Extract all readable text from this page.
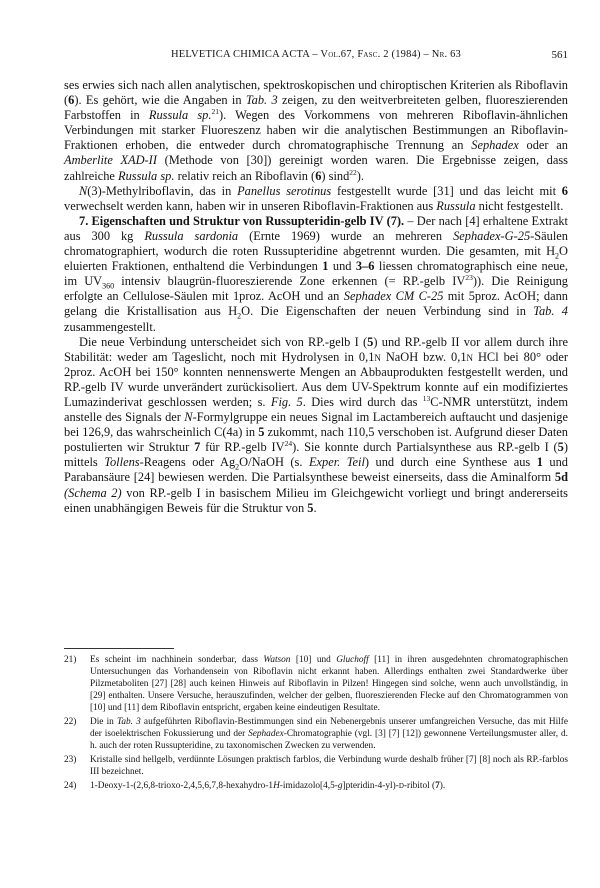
HELVETICA CHIMICA ACTA – Vol.67, Fasc. 2 (1984) – Nr. 63	561

ses erwies sich nach allen analytischen, spektroskopischen und chiroptischen Kriterien als Riboflavin (6). Es gehört, wie die Angaben in Tab. 3 zeigen, zu den weitverbreiteten gelben, fluoreszierenden Farbstoffen in Russula sp.$^{21}$). Wegen des Vorkommens von mehreren Riboflavin-ähnlichen Verbindungen mit starker Fluoreszenz haben wir die analytischen Bestimmungen an Riboflavin-Fraktionen erhoben, die entweder durch chromatographische Trennung an Sephadex oder an Amberlite XAD-II (Methode von [30]) gereinigt worden waren. Die Ergebnisse zeigen, dass zahlreiche Russula sp. relativ reich an Riboflavin (6) sind$^{22}$).

N(3)-Methylriboflavin, das in Panellus serotinus festgestellt wurde [31] und das leicht mit 6 verwechselt werden kann, haben wir in unseren Riboflavin-Fraktionen aus Russula nicht festgestellt.

7. Eigenschaften und Struktur von Russupteridin-gelb IV (7). – Der nach [4] erhaltene Extrakt aus 300 kg Russula sardonia (Ernte 1969) wurde an mehreren Sephadex-G-25-Säulen chromatographiert, wodurch die roten Russupteridine abgetrennt wurden. Die gesamten, mit $H_2O$ eluierten Fraktionen, enthaltend die Verbindungen 1 und 3–6 liessen chromatographisch eine neue, im $UV_{360}$ intensiv blaugrün-fluoreszierende Zone erkennen (= RP.-gelb IV$^{23}$)). Die Reinigung erfolgte an Cellulose-Säulen mit 1proz. AcOH und an Sephadex CM C-25 mit 5proz. AcOH; dann gelang die Kristallisation aus $H_2O$. Die Eigenschaften der neuen Verbindung sind in Tab. 4 zusammengestellt.

Die neue Verbindung unterscheidet sich von RP.-gelb I (5) und RP.-gelb II vor allem durch ihre Stabilität: weder am Tageslicht, noch mit Hydrolysen in 0,1n NaOH bzw. 0,1n HCl bei 80° oder 2proz. AcOH bei 150° konnten nennenswerte Mengen an Abbauprodukten festgestellt werden, und RP.-gelb IV wurde unverändert zurückisoliert. Aus dem UV-Spektrum konnte auf ein modifiziertes Lumazinderivat geschlossen werden; s. Fig. 5. Dies wird durch das $^{13}$C-NMR unterstützt, indem anstelle des Signals der N-Formylgruppe ein neues Signal im Lactambereich auftaucht und dasjenige bei 126,9, das wahrscheinlich C(4a) in 5 zukommt, nach 110,5 verschoben ist. Aufgrund dieser Daten postulierten wir Struktur 7 für RP.-gelb IV$^{24}$). Sie konnte durch Partialsynthese aus RP.-gelb I (5) mittels Tollens-Reagens oder $Ag_2O$/NaOH (s. Exper. Teil) und durch eine Synthese aus 1 und Parabansäure [24] bewiesen werden. Die Partialsynthese beweist einerseits, dass die Aminalform 5d (Schema 2) von RP.-gelb I in basischem Milieu im Gleichgewicht vorliegt und bringt andererseits einen unabhängigen Beweis für die Struktur von 5.

21) Es scheint im nachhinein sonderbar, dass Watson [10] und Gluchoff [11] in ihren ausgedehnten chromatographischen Untersuchungen das Vorhandensein von Riboflavin nicht erkannt haben. Allerdings enthalten zwei Standardwerke über Pilzmetaboliten [27] [28] auch keinen Hinweis auf Riboflavin in Pilzen! Hingegen sind solche, wenn auch unvollständig, in [29] enthalten. Unsere Versuche, herauszufinden, welcher der gelben, fluoreszierenden Flecke auf den Chromatogrammen von [10] und [11] dem Riboflavin entspricht, ergaben keine eindeutigen Resultate.
22) Die in Tab. 3 aufgeführten Riboflavin-Bestimmungen sind ein Nebenergebnis unserer umfangreichen Versuche, das mit Hilfe der isoelektrischen Fokussierung und der Sephadex-Chromatographie (vgl. [3] [7] [12]) gewonnene Verteilungsmuster aller, d. h. auch der roten Russupteridine, zu taxonomischen Zwecken zu verwenden.
23) Kristalle sind hellgelb, verdünnte Lösungen praktisch farblos, die Verbindung wurde deshalb früher [7] [8] noch als RP.-farblos III bezeichnet.
24) 1-Deoxy-1-(2,6,8-trioxo-2,4,5,6,7,8-hexahydro-1H-imidazolo[4,5-g]pteridin-4-yl)-d-ribitol (7).
